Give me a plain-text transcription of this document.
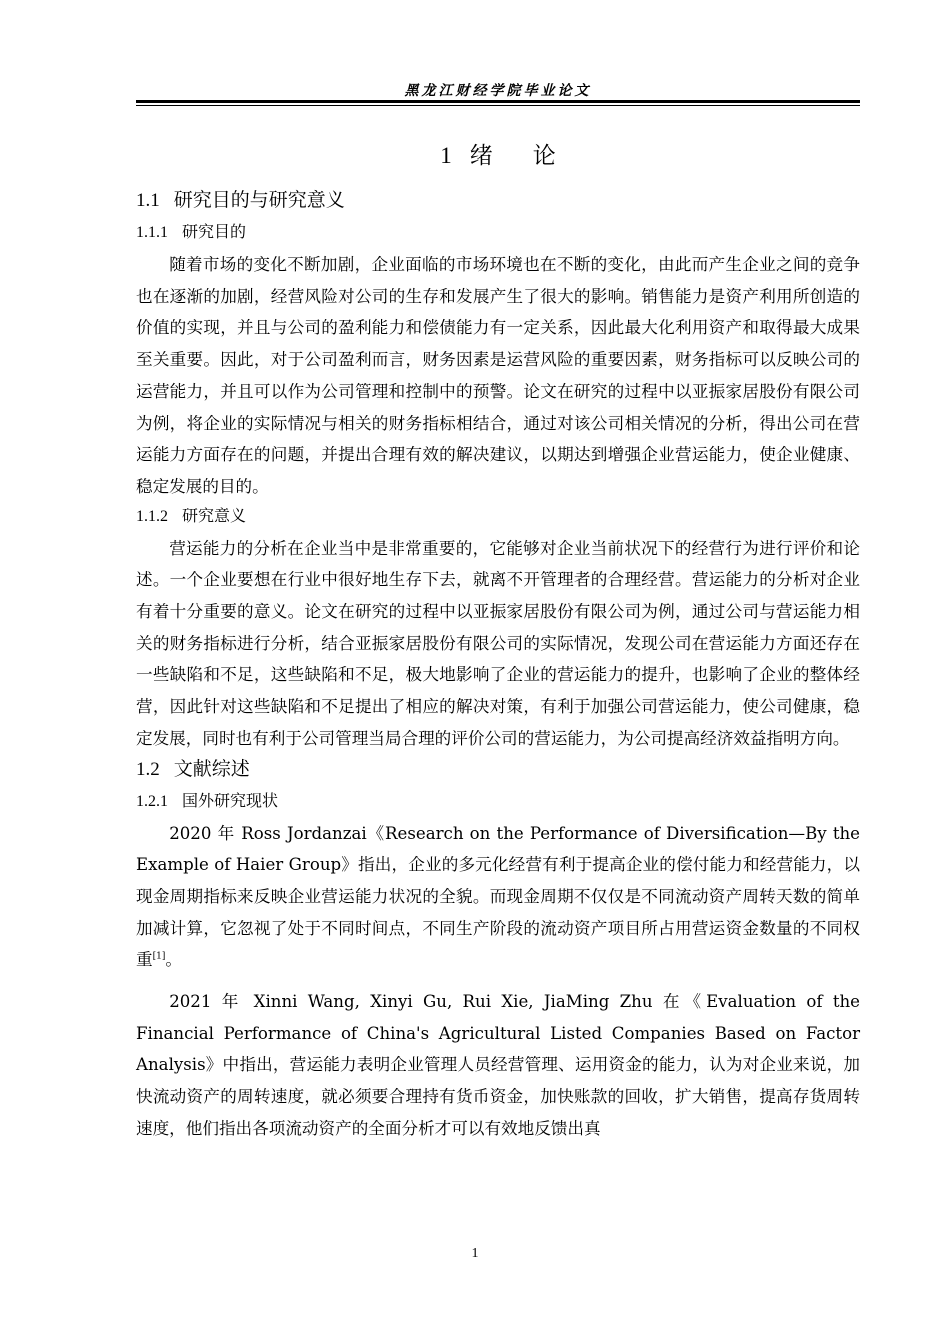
黑龙江财经学院毕业论文
1 绪 论
1.1 研究目的与研究意义
1.1.1 研究目的

随着市场的变化不断加剧，企业面临的市场环境也在不断的变化，由此而产生企业之间的竞争也在逐渐的加剧，经营风险对公司的生存和发展产生了很大的影响。销售能力是资产利用所创造的价值的实现，并且与公司的盈利能力和偿债能力有一定关系，因此最大化利用资产和取得最大成果至关重要。因此，对于公司盈利而言，财务因素是运营风险的重要因素，财务指标可以反映公司的运营能力，并且可以作为公司管理和控制中的预警。论文在研究的过程中以亚振家居股份有限公司为例，将企业的实际情况与相关的财务指标相结合，通过对该公司相关情况的分析，得出公司在营运能力方面存在的问题，并提出合理有效的解决建议，以期达到增强企业营运能力，使企业健康、稳定发展的目的。

1.1.2 研究意义

营运能力的分析在企业当中是非常重要的，它能够对企业当前状况下的经营行为进行评价和论述。一个企业要想在行业中很好地生存下去，就离不开管理者的合理经营。营运能力的分析对企业有着十分重要的意义。论文在研究的过程中以亚振家居股份有限公司为例，通过公司与营运能力相关的财务指标进行分析，结合亚振家居股份有限公司的实际情况，发现公司在营运能力方面还存在一些缺陷和不足，这些缺陷和不足，极大地影响了企业的营运能力的提升，也影响了企业的整体经营，因此针对这些缺陷和不足提出了相应的解决对策，有利于加强公司营运能力，使公司健康，稳定发展，同时也有利于公司管理当局合理的评价公司的营运能力，为公司提高经济效益指明方向。

1.2 文献综述
1.2.1 国外研究现状

2020 年 Ross Jordanzai《Research on the Performance of Diversification—By the Example of Haier Group》指出，企业的多元化经营有利于提高企业的偿付能力和经营能力，以现金周期指标来反映企业营运能力状况的全貌。而现金周期不仅仅是不同流动资产周转天数的简单加减计算，它忽视了处于不同时间点，不同生产阶段的流动资产项目所占用营运资金数量的不同权重[1]。

2021 年 Xinni Wang, Xinyi Gu, Rui Xie, JiaMing Zhu 在《Evaluation of the Financial Performance of China's Agricultural Listed Companies Based on Factor Analysis》中指出，营运能力表明企业管理人员经营管理、运用资金的能力，认为对企业来说，加快流动资产的周转速度，就必须要合理持有货币资金，加快账款的回收，扩大销售，提高存货周转速度，他们指出各项流动资产的全面分析才可以有效地反馈出真

1
